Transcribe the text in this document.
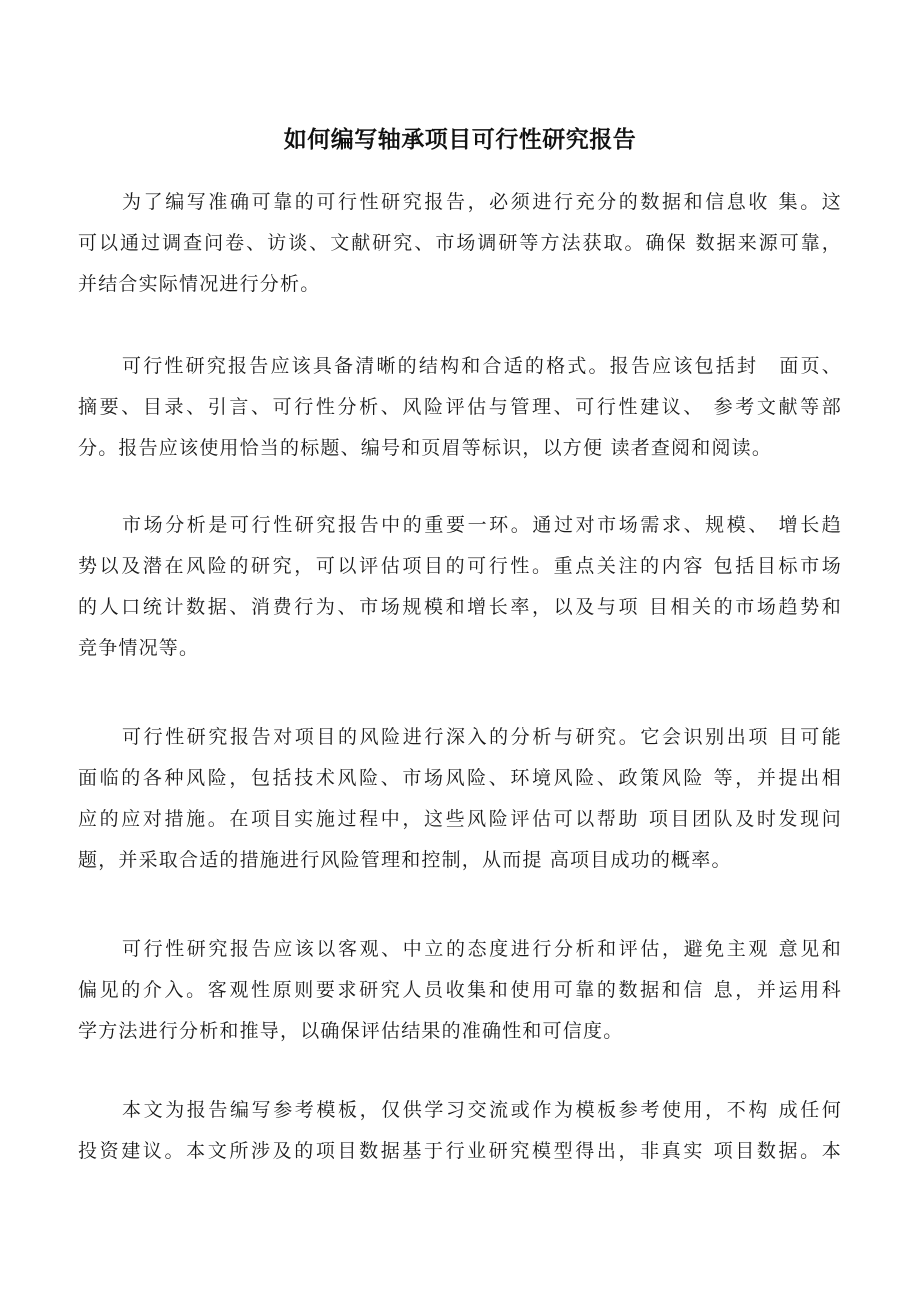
如何编写轴承项目可行性研究报告
为了编写准确可靠的可行性研究报告，必须进行充分的数据和信息收 集。这
可以通过调查问卷、访谈、文献研究、市场调研等方法获取。确保 数据来源可靠，
并结合实际情况进行分析。
可行性研究报告应该具备清晰的结构和合适的格式。报告应该包括封　面页、
摘要、目录、引言、可行性分析、风险评估与管理、可行性建议、 参考文献等部
分。报告应该使用恰当的标题、编号和页眉等标识，以方便 读者查阅和阅读。
市场分析是可行性研究报告中的重要一环。通过对市场需求、规模、 增长趋
势以及潜在风险的研究，可以评估项目的可行性。重点关注的内容 包括目标市场
的人口统计数据、消费行为、市场规模和增长率，以及与项 目相关的市场趋势和
竞争情况等。
可行性研究报告对项目的风险进行深入的分析与研究。它会识别出项 目可能
面临的各种风险，包括技术风险、市场风险、环境风险、政策风险 等，并提出相
应的应对措施。在项目实施过程中，这些风险评估可以帮助 项目团队及时发现问
题，并采取合适的措施进行风险管理和控制，从而提 高项目成功的概率。
可行性研究报告应该以客观、中立的态度进行分析和评估，避免主观 意见和
偏见的介入。客观性原则要求研究人员收集和使用可靠的数据和信 息，并运用科
学方法进行分析和推导，以确保评估结果的准确性和可信度。
本文为报告编写参考模板，仅供学习交流或作为模板参考使用，不构 成任何
投资建议。本文所涉及的项目数据基于行业研究模型得出，非真实 项目数据。本
